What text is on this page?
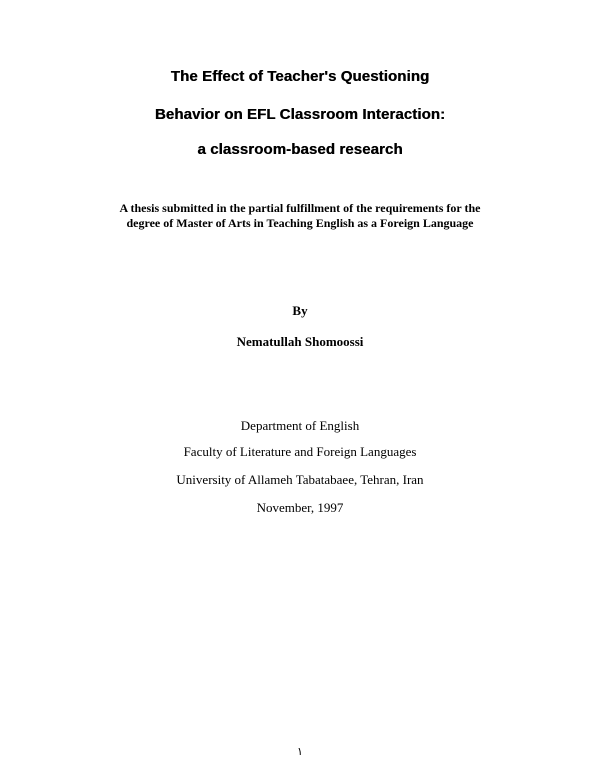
The Effect of Teacher's Questioning
Behavior on EFL Classroom Interaction:
a classroom-based research
A thesis submitted in the partial fulfillment of the requirements for the
degree of Master of Arts in Teaching English as a Foreign Language
By
Nematullah Shomoossi
Department of English
Faculty of Literature and Foreign Languages
University of Allameh Tabatabaee, Tehran, Iran
November, 1997
١
